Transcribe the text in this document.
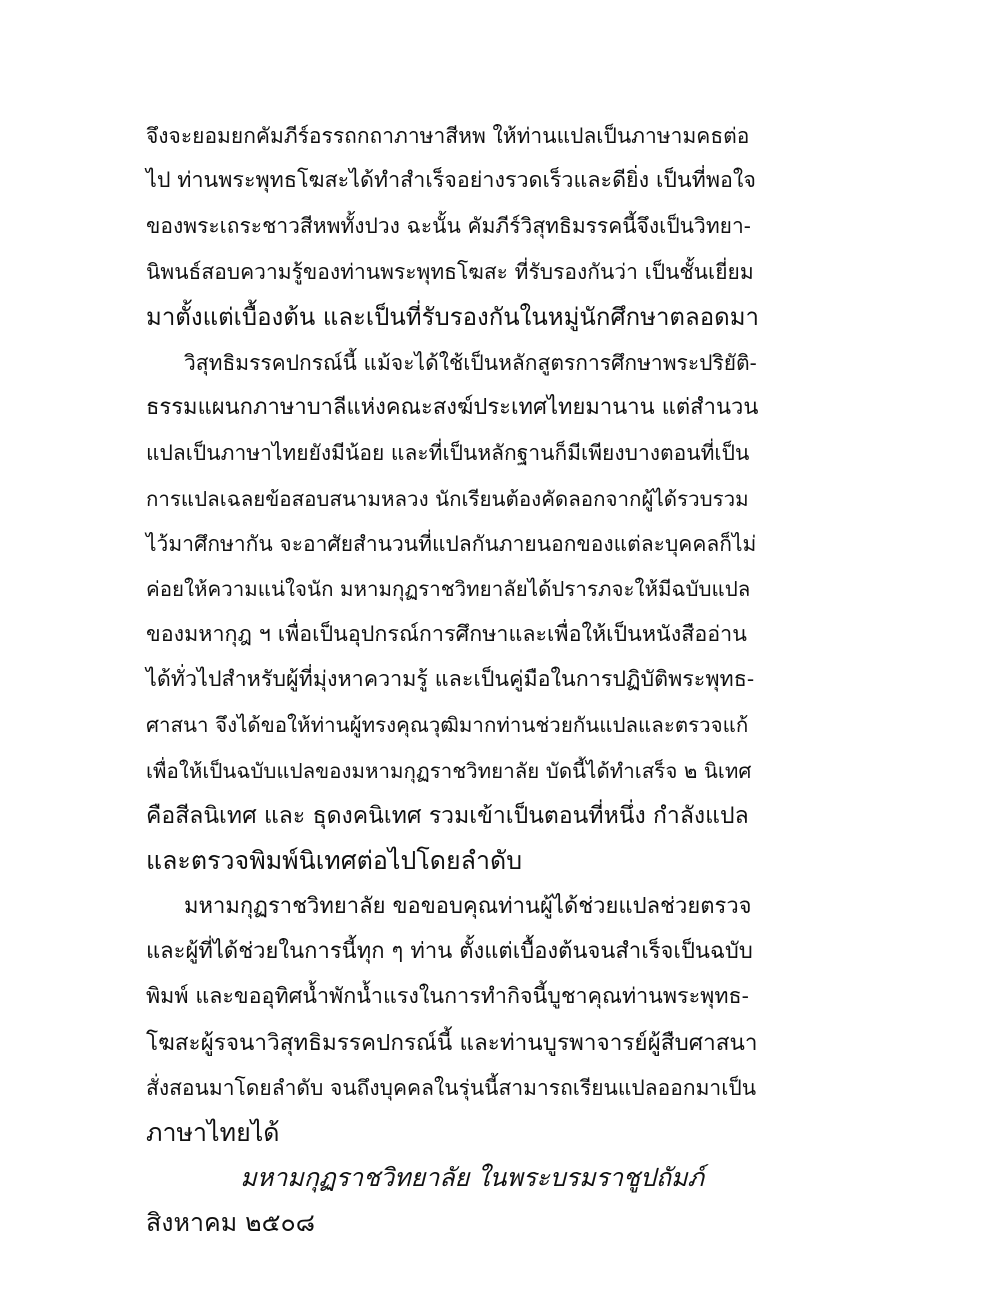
จึงจะยอมยกคัมภีร์อรรถกถาภาษาสีหพ ให้ท่านแปลเป็นภาษามคธต่อ
ไป ท่านพระพุทธโฆสะได้ทำสำเร็จอย่างรวดเร็วและดียิ่ง เป็นที่พอใจ
ของพระเถระชาวสีหพทั้งปวง ฉะนั้น คัมภีร์วิสุทธิมรรคนี้จึงเป็นวิทยา-
นิพนธ์สอบความรู้ของท่านพระพุทธโฆสะ ที่รับรองกันว่า เป็นชั้นเยี่ยม
มาตั้งแต่เบื้องต้น และเป็นที่รับรองกันในหมู่นักศึกษาตลอดมา
วิสุทธิมรรคปกรณ์นี้ แม้จะได้ใช้เป็นหลักสูตรการศึกษาพระปริยัติ-
ธรรมแผนกภาษาบาลีแห่งคณะสงฆ์ประเทศไทยมานาน แต่สำนวน
แปลเป็นภาษาไทยยังมีน้อย และที่เป็นหลักฐานก็มีเพียงบางตอนที่เป็น
การแปลเฉลยข้อสอบสนามหลวง นักเรียนต้องคัดลอกจากผู้ได้รวบรวม
ไว้มาศึกษากัน จะอาศัยสำนวนที่แปลกันภายนอกของแต่ละบุคคลก็ไม่
ค่อยให้ความแน่ใจนัก มหามกุฏราชวิทยาลัยได้ปรารภจะให้มีฉบับแปล
ของมหากุฎ ฯ เพื่อเป็นอุปกรณ์การศึกษาและเพื่อให้เป็นหนังสืออ่าน
ได้ทั่วไปสำหรับผู้ที่มุ่งหาความรู้ และเป็นคู่มือในการปฏิบัติพระพุทธ-
ศาสนา จึงได้ขอให้ท่านผู้ทรงคุณวุฒิมากท่านช่วยกันแปลและตรวจแก้
เพื่อให้เป็นฉบับแปลของมหามกุฏราชวิทยาลัย บัดนี้ได้ทำเสร็จ ๒ นิเทศ
คือสีลนิเทศ และ ธุดงคนิเทศ รวมเข้าเป็นตอนที่หนึ่ง กำลังแปล
และตรวจพิมพ์นิเทศต่อไปโดยลำดับ
มหามกุฏราชวิทยาลัย ขอขอบคุณท่านผู้ได้ช่วยแปลช่วยตรวจ
และผู้ที่ได้ช่วยในการนี้ทุก ๆ ท่าน ตั้งแต่เบื้องต้นจนสำเร็จเป็นฉบับ
พิมพ์ และขออุทิศน้ำพักน้ำแรงในการทำกิจนี้บูชาคุณท่านพระพุทธ-
โฆสะผู้รจนาวิสุทธิมรรคปกรณ์นี้ และท่านบูรพาจารย์ผู้สืบศาสนา
สั่งสอนมาโดยลำดับ จนถึงบุคคลในรุ่นนี้สามารถเรียนแปลออกมาเป็น
ภาษาไทยได้
มหามกุฏราชวิทยาลัย ในพระบรมราชูปถัมภ์
สิงหาคม ๒๕๐๘
